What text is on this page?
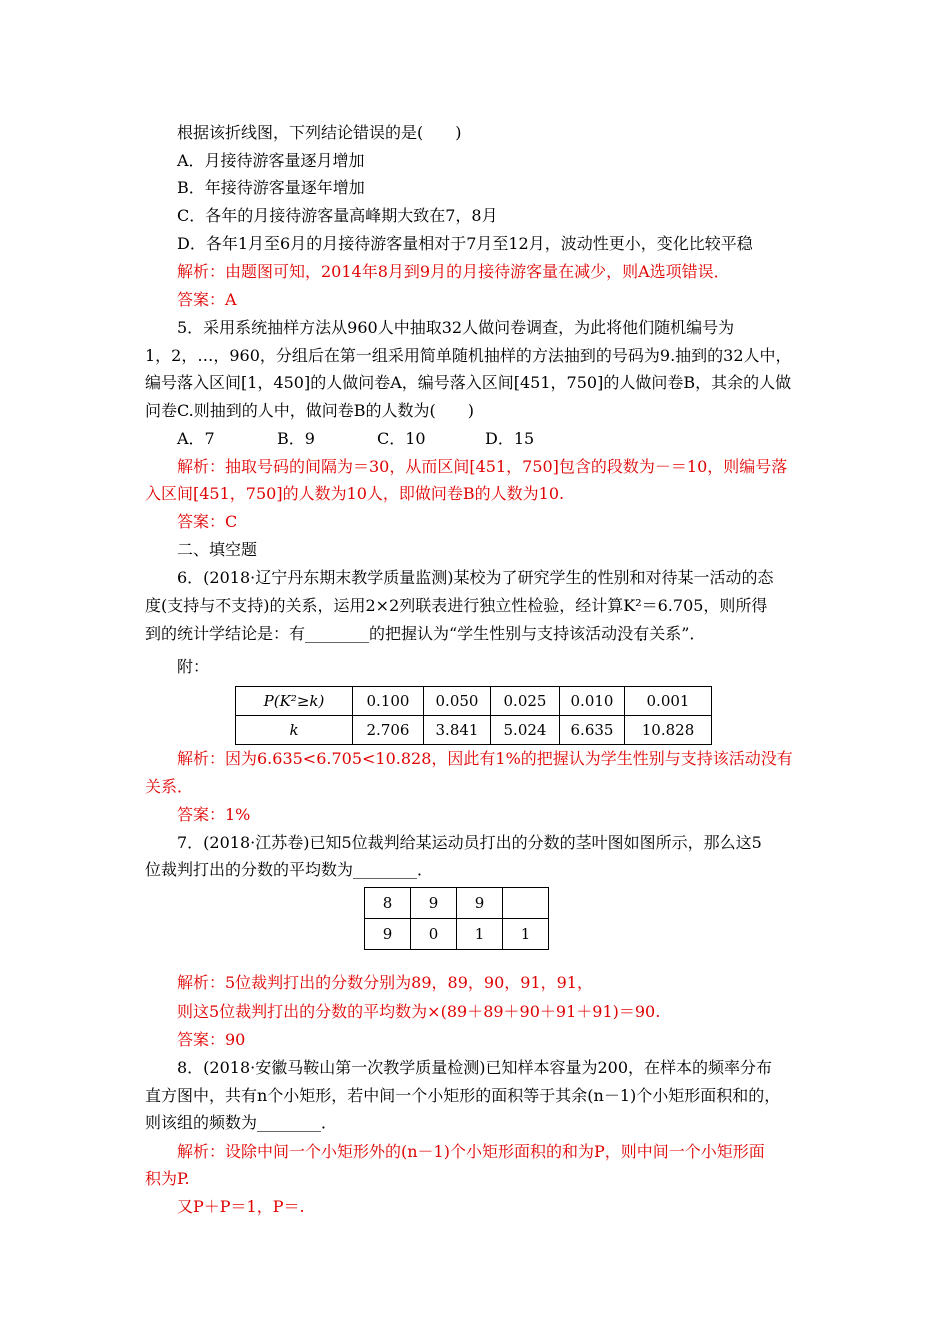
根据该折线图，下列结论错误的是(　　)
A．月接待游客量逐月增加
B．年接待游客量逐年增加
C．各年的月接待游客量高峰期大致在7，8月
D．各年1月至6月的月接待游客量相对于7月至12月，波动性更小，变化比较平稳
解析：由题图可知，2014年8月到9月的月接待游客量在减少，则A选项错误．
答案：A
5．采用系统抽样方法从960人中抽取32人做问卷调查，为此将他们随机编号为
1，2，…，960，分组后在第一组采用简单随机抽样的方法抽到的号码为9.抽到的32人中，
编号落入区间[1，450]的人做问卷A，编号落入区间[451，750]的人做问卷B，其余的人做
问卷C.则抽到的人中，做问卷B的人数为(　　)
A．7	B．9	C．10	D．15
解析：抽取号码的间隔为＝30，从而区间[451，750]包含的段数为－＝10，则编号落
入区间[451，750]的人数为10人，即做问卷B的人数为10.
答案：C
二、填空题
6．(2018·辽宁丹东期末教学质量监测)某校为了研究学生的性别和对待某一活动的态
度(支持与不支持)的关系，运用2×2列联表进行独立性检验，经计算K²＝6.705，则所得
到的统计学结论是：有________的把握认为“学生性别与支持该活动没有 • •关系”．
附：
P(K²≥k)	0.100	0.050	0.025	0.010	0.001
k	2.706	3.841	5.024	6.635	10.828
解析：因为6.635<6.705<10.828，因此有1%的把握认为学生性别与支持该活动没有
关系．
答案：1%
7．(2018·江苏卷)已知5位裁判给某运动员打出的分数的茎叶图如图所示，那么这5
位裁判打出的分数的平均数为________．
8	9	9	
9	0	1	1
解析：5位裁判打出的分数分别为89，89，90，91，91，
则这5位裁判打出的分数的平均数为×(89＋89＋90＋91＋91)＝90.
答案：90
8．(2018·安徽马鞍山第一次教学质量检测)已知样本容量为200，在样本的频率分布
直方图中，共有n个小矩形，若中间一个小矩形的面积等于其余(n－1)个小矩形面积和的，
则该组的频数为________．
解析：设除中间一个小矩形外的(n－1)个小矩形面积的和为P，则中间一个小矩形面
积为P.
又P＋P＝1，P＝.
